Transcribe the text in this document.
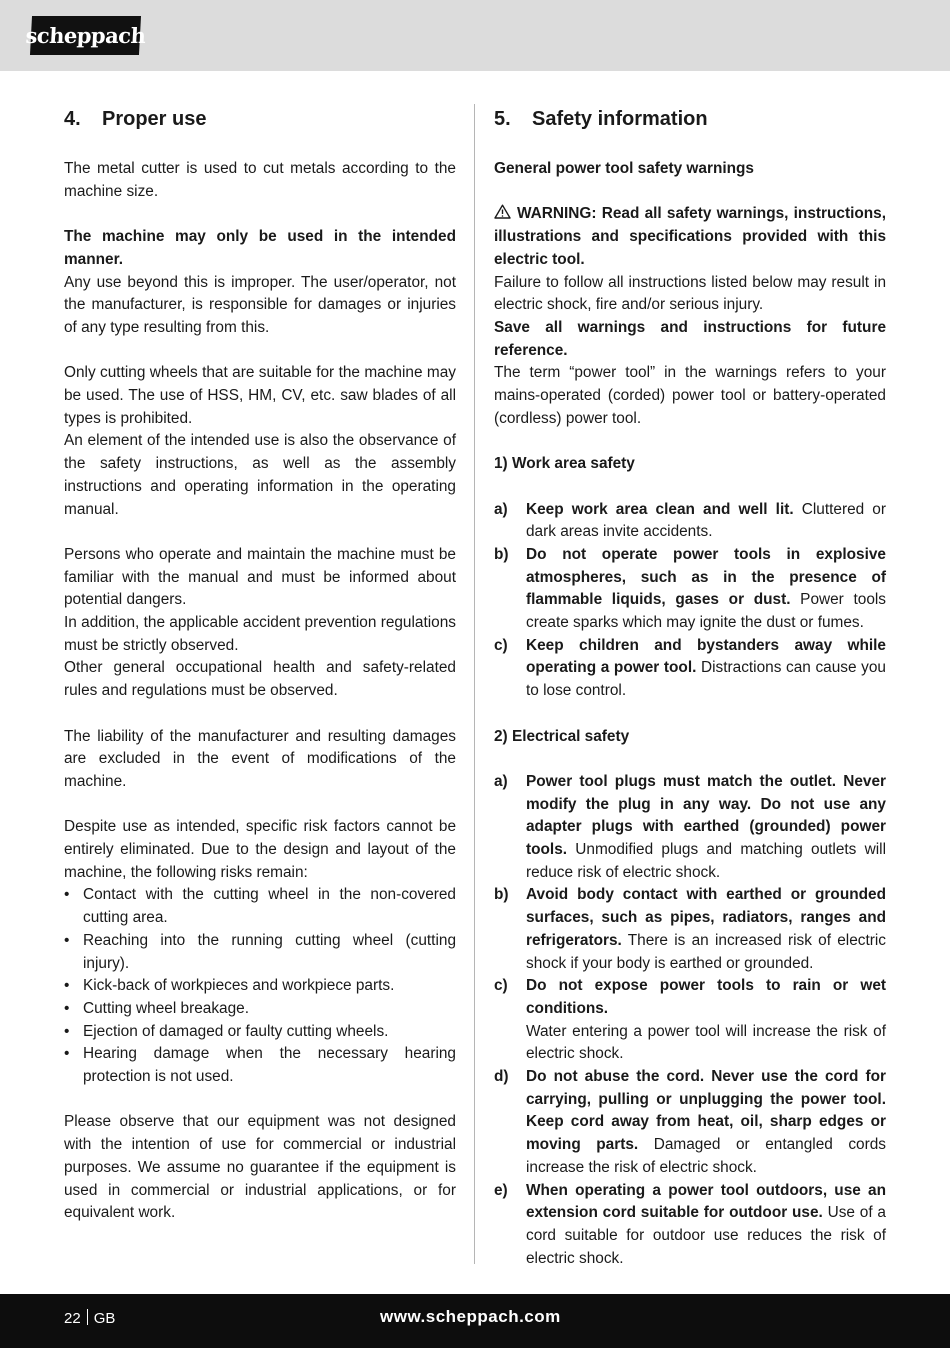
scheppach
4.	Proper use

The metal cutter is used to cut metals according to the machine size.

The machine may only be used in the intended manner.

Any use beyond this is improper. The user/operator, not the manufacturer, is responsible for damages or injuries of any type resulting from this.

Only cutting wheels that are suitable for the machine may be used. The use of HSS, HM, CV, etc. saw blades of all types is prohibited.

An element of the intended use is also the observance of the safety instructions, as well as the assembly instructions and operating information in the operating manual.

Persons who operate and maintain the machine must be familiar with the manual and must be informed about potential dangers.

In addition, the applicable accident prevention regulations must be strictly observed.

Other general occupational health and safety-related rules and regulations must be observed.

The liability of the manufacturer and resulting damages are excluded in the event of modifications of the machine.

Despite use as intended, specific risk factors cannot be entirely eliminated. Due to the design and layout of the machine, the following risks remain:

• Contact with the cutting wheel in the non-covered cutting area.
• Reaching into the running cutting wheel (cutting injury).
• Kick-back of workpieces and workpiece parts.
• Cutting wheel breakage.
• Ejection of damaged or faulty cutting wheels.
• Hearing damage when the necessary hearing protection is not used.

Please observe that our equipment was not designed with the intention of use for commercial or industrial purposes. We assume no guarantee if the equipment is used in commercial or industrial applications, or for equivalent work.

5.	Safety information

General power tool safety warnings

WARNING: Read all safety warnings, instructions, illustrations and specifications provided with this electric tool.

Failure to follow all instructions listed below may result in electric shock, fire and/or serious injury.

Save all warnings and instructions for future reference.

The term “power tool” in the warnings refers to your mains-operated (corded) power tool or battery-operated (cordless) power tool.

1) Work area safety

a)	Keep work area clean and well lit. Cluttered or dark areas invite accidents.
b)	Do not operate power tools in explosive atmospheres, such as in the presence of flammable liquids, gases or dust. Power tools create sparks which may ignite the dust or fumes.
c)	Keep children and bystanders away while operating a power tool. Distractions can cause you to lose control.

2) Electrical safety

a)	Power tool plugs must match the outlet. Never modify the plug in any way. Do not use any adapter plugs with earthed (grounded) power tools. Unmodified plugs and matching outlets will reduce risk of electric shock.
b)	Avoid body contact with earthed or grounded surfaces, such as pipes, radiators, ranges and refrigerators. There is an increased risk of electric shock if your body is earthed or grounded.
c)	Do not expose power tools to rain or wet conditions.
Water entering a power tool will increase the risk of electric shock.
d)	Do not abuse the cord. Never use the cord for carrying, pulling or unplugging the power tool. Keep cord away from heat, oil, sharp edges or moving parts. Damaged or entangled cords increase the risk of electric shock.
e)	When operating a power tool outdoors, use an extension cord suitable for outdoor use. Use of a cord suitable for outdoor use reduces the risk of electric shock.
22 GB	www.scheppach.com
